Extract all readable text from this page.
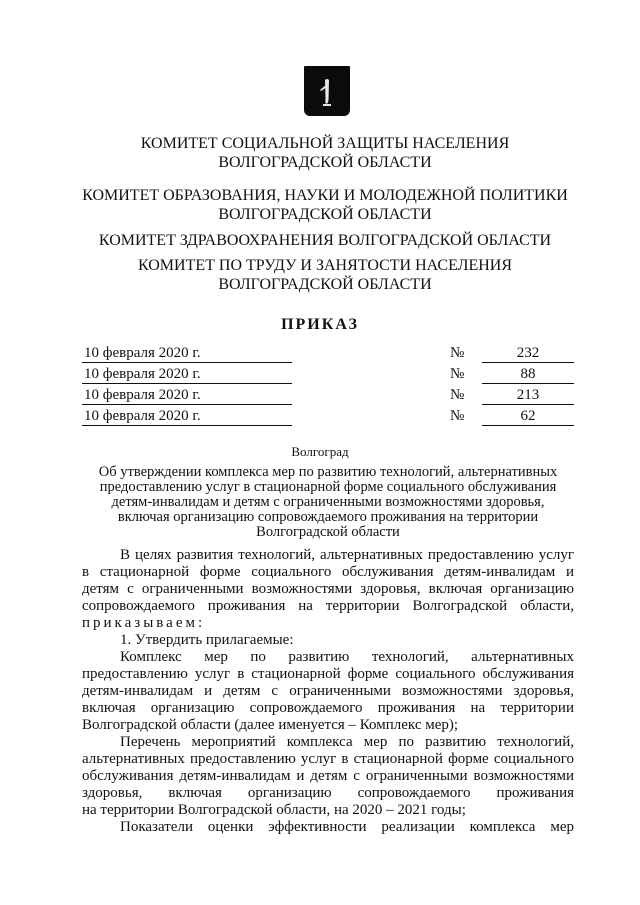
КОМИТЕТ СОЦИАЛЬНОЙ ЗАЩИТЫ НАСЕЛЕНИЯ
ВОЛГОГРАДСКОЙ ОБЛАСТИ
КОМИТЕТ ОБРАЗОВАНИЯ, НАУКИ И МОЛОДЕЖНОЙ ПОЛИТИКИ
ВОЛГОГРАДСКОЙ ОБЛАСТИ
КОМИТЕТ ЗДРАВООХРАНЕНИЯ ВОЛГОГРАДСКОЙ ОБЛАСТИ
КОМИТЕТ ПО ТРУДУ И ЗАНЯТОСТИ НАСЕЛЕНИЯ
ВОЛГОГРАДСКОЙ ОБЛАСТИ
ПРИКАЗ
10 февраля 2020 г.	№	232
10 февраля 2020 г.	№	88
10 февраля 2020 г.	№	213
10 февраля 2020 г.	№	62
Волгоград
Об утверждении комплекса мер по развитию технологий, альтернативных
предоставлению услуг в стационарной форме социального обслуживания
детям-инвалидам и детям с ограниченными возможностями здоровья,
включая организацию сопровождаемого проживания на территории
Волгоградской области
В целях развития технологий, альтернативных предоставлению услуг
в стационарной форме социального обслуживания детям-инвалидам и
детям с ограниченными возможностями здоровья, включая организацию
сопровождаемого проживания на территории Волгоградской области,
приказываем:
1. Утвердить прилагаемые:
Комплекс мер по развитию технологий, альтернативных
предоставлению услуг в стационарной форме социального обслуживания
детям-инвалидам и детям с ограниченными возможностями здоровья,
включая организацию сопровождаемого проживания на территории
Волгоградской области (далее именуется – Комплекс мер);
Перечень мероприятий комплекса мер по развитию технологий,
альтернативных предоставлению услуг в стационарной форме социального
обслуживания детям-инвалидам и детям с ограниченными возможностями
здоровья, включая организацию сопровождаемого проживания
на территории Волгоградской области, на 2020 – 2021 годы;
Показатели оценки эффективности реализации комплекса мер
